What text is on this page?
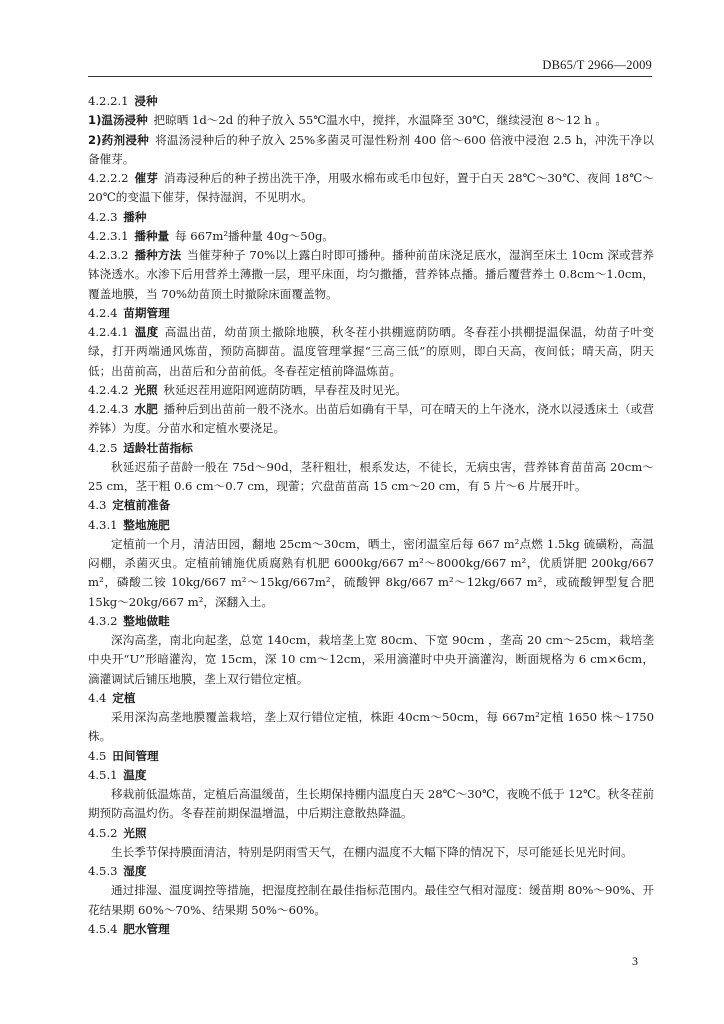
DB65/T 2966—2009

4.2.2.1  浸种

1)温汤浸种  把晾晒 1d～2d 的种子放入 55℃温水中，搅拌，水温降至 30℃，继续浸泡 8～12 h 。

2)药剂浸种  将温汤浸种后的种子放入 25%多菌灵可湿性粉剂 400 倍～600 倍液中浸泡 2.5 h，冲洗干净以备催芽。

4.2.2.2  催芽  消毒浸种后的种子捞出洗干净，用吸水棉布或毛巾包好，置于白天 28℃～30℃、夜间 18℃～20℃的变温下催芽，保持湿润，不见明水。

4.2.3  播种

4.2.3.1  播种量  每 667m²播种量 40g～50g。

4.2.3.2  播种方法  当催芽种子 70%以上露白时即可播种。播种前苗床浇足底水，湿润至床土 10cm 深或营养钵浇透水。水渗下后用营养土薄撒一层，理平床面，均匀撒播，营养钵点播。播后覆营养土 0.8cm～1.0cm，覆盖地膜，当 70%幼苗顶土时撤除床面覆盖物。

4.2.4  苗期管理

4.2.4.1  温度  高温出苗，幼苗顶土撤除地膜，秋冬茬小拱棚遮荫防晒。冬春茬小拱棚提温保温，幼苗子叶变绿，打开两端通风炼苗，预防高脚苗。温度管理掌握“三高三低”的原则，即白天高，夜间低；晴天高，阴天低；出苗前高，出苗后和分苗前低。冬春茬定植前降温炼苗。

4.2.4.2  光照  秋延迟茬用遮阳网遮荫防晒，早春茬及时见光。

4.2.4.3  水肥  播种后到出苗前一般不浇水。出苗后如确有干旱，可在晴天的上午浇水，浇水以浸透床土（或营养钵）为度。分苗水和定植水要浇足。

4.2.5  适龄壮苗指标

秋延迟茄子苗龄一般在 75d～90d，茎秆粗壮，根系发达，不徒长，无病虫害，营养钵育苗苗高 20cm～25 cm，茎干粗 0.6 cm～0.7 cm，现蕾；穴盘苗苗高 15 cm～20 cm，有 5 片～6 片展开叶。

4.3  定植前准备

4.3.1  整地施肥

定植前一个月，清洁田园，翻地 25cm～30cm，晒土，密闭温室后每 667 m²点燃 1.5kg 硫磺粉，高温闷棚，杀菌灭虫。定植前铺施优质腐熟有机肥 6000kg/667 m²～8000kg/667 m²，优质饼肥 200kg/667 m²，磷酸二铵 10kg/667 m²～15kg/667m²，硫酸钾 8kg/667 m²～12kg/667 m²，或硫酸钾型复合肥 15kg～20kg/667 m²，深翻入土。

4.3.2  整地做畦

深沟高垄，南北向起垄，总宽 140cm，栽培垄上宽 80cm、下宽 90cm ，垄高 20 cm～25cm，栽培垄中央开“U”形暗灌沟，宽 15cm，深 10 cm～12cm，采用滴灌时中央开滴灌沟，断面规格为 6 cm×6cm，滴灌调试后铺压地膜，垄上双行错位定植。

4.4  定植

采用深沟高垄地膜覆盖栽培，垄上双行错位定植，株距 40cm～50cm，每 667m²定植 1650 株～1750 株。

4.5  田间管理

4.5.1  温度

移栽前低温炼苗，定植后高温缓苗，生长期保持棚内温度白天 28℃～30℃，夜晚不低于 12℃。秋冬茬前期预防高温灼伤。冬春茬前期保温增温，中后期注意散热降温。

4.5.2  光照

生长季节保持膜面清洁，特别是阴雨雪天气，在棚内温度不大幅下降的情况下，尽可能延长见光时间。

4.5.3  湿度

通过排湿、温度调控等措施，把湿度控制在最佳指标范围内。最佳空气相对湿度：缓苗期 80%～90%、开花结果期 60%～70%、结果期 50%～60%。

4.5.4  肥水管理

3
